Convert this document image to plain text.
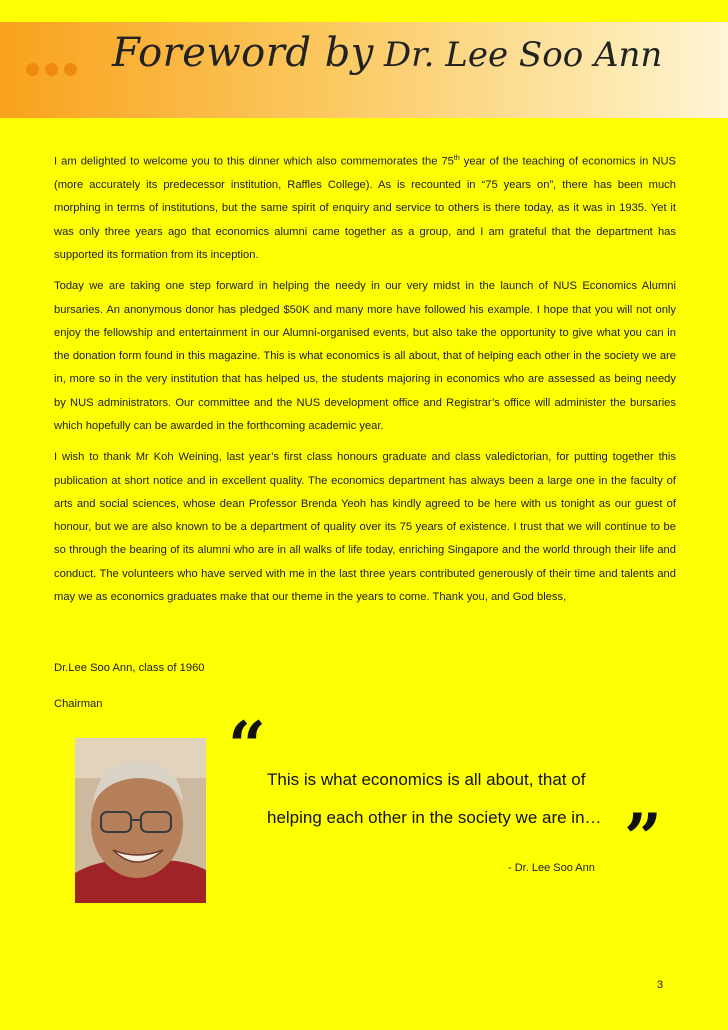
Foreword by Dr. Lee Soo Ann

I am delighted to welcome you to this dinner which also commemorates the 75th year of the teaching of economics in NUS (more accurately its predecessor institution, Raffles College). As is recounted in “75 years on”, there has been much morphing in terms of institutions, but the same spirit of enquiry and service to others is there today, as it was in 1935. Yet it was only three years ago that economics alumni came together as a group, and I am grateful that the department has supported its formation from its inception.

Today we are taking one step forward in helping the needy in our very midst in the launch of NUS Economics Alumni bursaries. An anonymous donor has pledged $50K and many more have followed his example. I hope that you will not only enjoy the fellowship and entertainment in our Alumni-organised events, but also take the opportunity to give what you can in the donation form found in this magazine. This is what economics is all about, that of helping each other in the society we are in, more so in the very institution that has helped us, the students majoring in economics who are assessed as being needy by NUS administrators. Our committee and the NUS development office and Registrar’s office will administer the bursaries which hopefully can be awarded in the forthcoming academic year.

I wish to thank Mr Koh Weining, last year’s first class honours graduate and class valedictorian, for putting together this publication at short notice and in excellent quality. The economics department has always been a large one in the faculty of arts and social sciences, whose dean Professor Brenda Yeoh has kindly agreed to be here with us tonight as our guest of honour, but we are also known to be a department of quality over its 75 years of existence. I trust that we will continue to be so through the bearing of its alumni who are in all walks of life today, enriching Singapore and the world through their life and conduct. The volunteers who have served with me in the last three years contributed generously of their time and talents and may we as economics graduates make that our theme in the years to come. Thank you, and God bless,

Dr.Lee Soo Ann, class of 1960
Chairman
“ This is what economics is all about, that of
helping each other in the society we are in… ”
- Dr. Lee Soo Ann
3
